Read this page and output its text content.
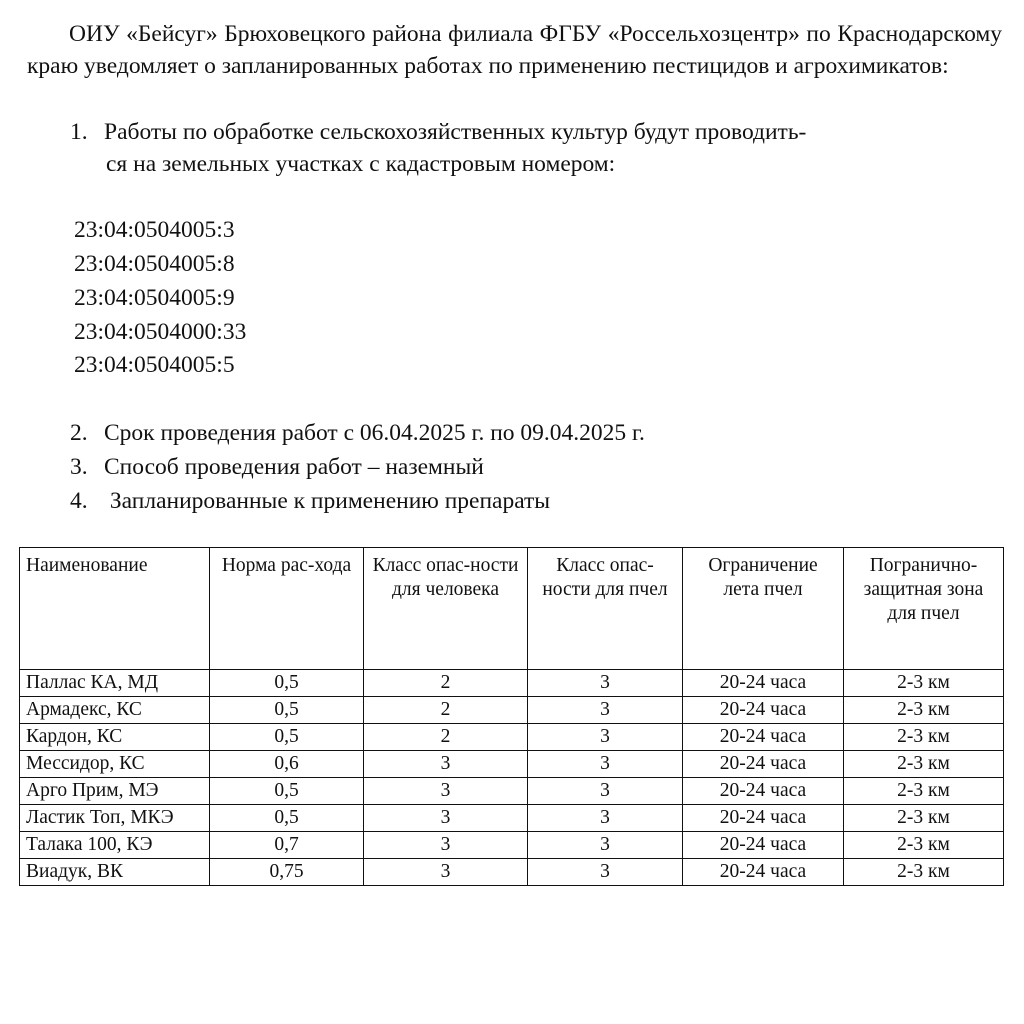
ОИУ «Бейсуг» Брюховецкого района филиала ФГБУ «Россельхозцентр» по Краснодарскому краю уведомляет о запланированных работах по применению пестицидов и агрохимикатов:

1. Работы по обработке сельскохозяйственных культур будут проводить-

ся на земельных участках с кадастровым номером:

23:04:0504005:3

23:04:0504005:8

23:04:0504005:9

23:04:0504000:33

23:04:0504005:5

2. Срок проведения работ с 06.04.2025 г. по 09.04.2025 г.

3. Способ проведения работ – наземный

4. Запланированные к применению препараты

Наименование	Норма рас-ходa	Класс опас-ности для человека	Класс опас-ности для пчел	Ограничение лета пчел	Погранично-защитная зона для пчел
Паллас КА, МД	0,5	2	3	20-24 часа	2-3 км
Армадекс, КС	0,5	2	3	20-24 часа	2-3 км
Кардон, КС	0,5	2	3	20-24 часа	2-3 км
Мессидор, КС	0,6	3	3	20-24 часа	2-3 км
Арго Прим, МЭ	0,5	3	3	20-24 часа	2-3 км
Ластик Топ, МКЭ	0,5	3	3	20-24 часа	2-3 км
Талака 100, КЭ	0,7	3	3	20-24 часа	2-3 км
Виадук, ВК	0,75	3	3	20-24 часа	2-3 км
